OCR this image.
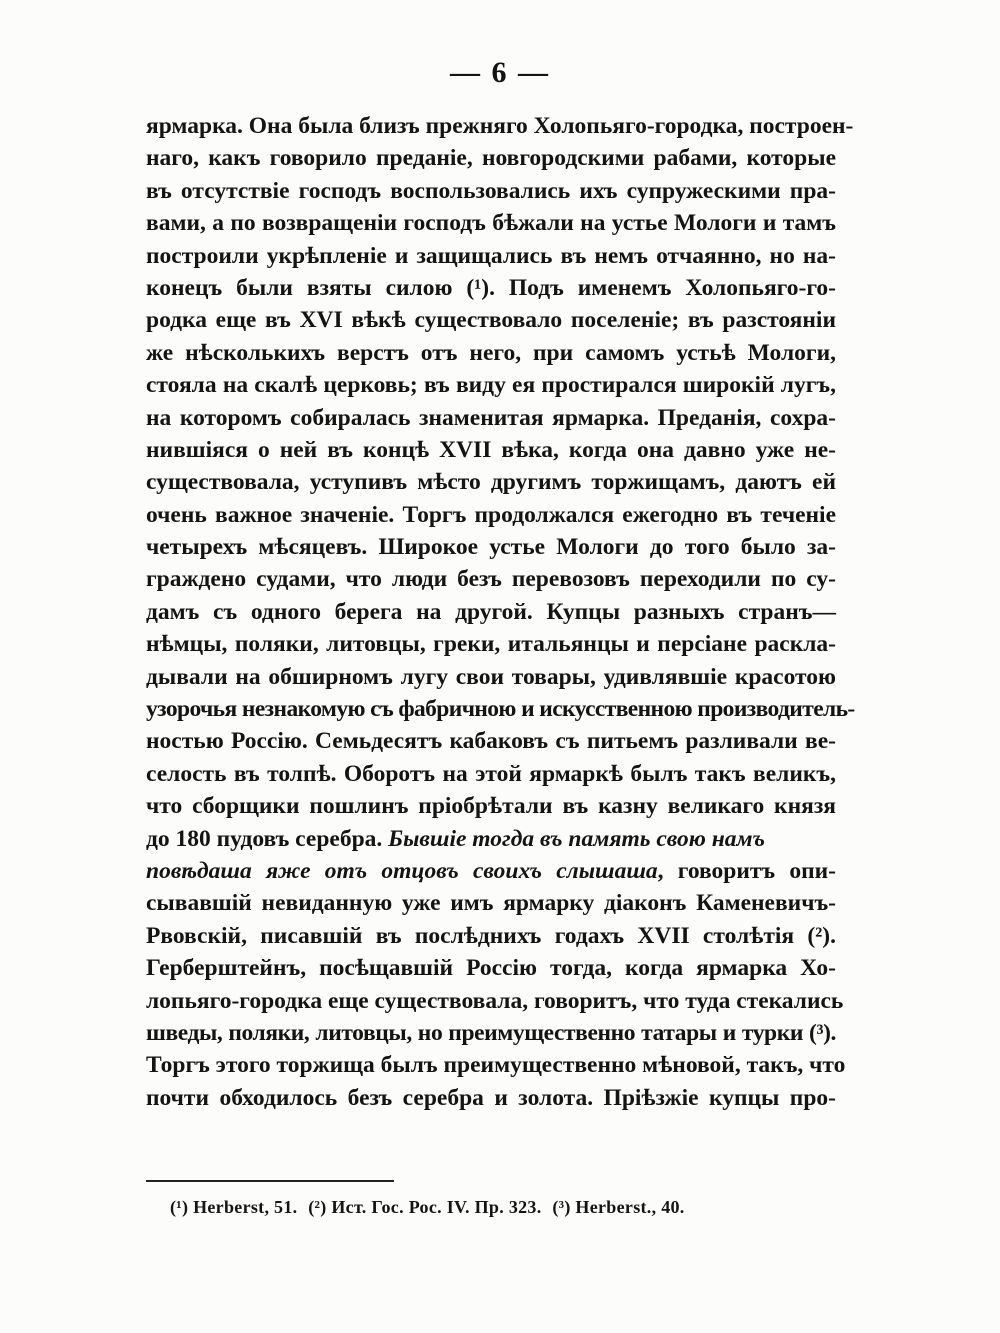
— 6 —
ярмарка. Она была близъ прежняго Холопьяго-городка, построен-
наго, какъ говорило преданіе, новгородскими рабами, которые
въ отсутствіе господъ воспользовались ихъ супружескими пра-
вами, а по возвращеніи господъ бѣжали на устье Мологи и тамъ
построили укрѣпленіе и защищались въ немъ отчаянно, но на-
конецъ были взяты силою (¹). Подъ именемъ Холопьяго-го-
родка еще въ XVI вѣкѣ существовало поселеніе; въ разстояніи
же нѣсколькихъ верстъ отъ него, при самомъ устьѣ Мологи,
стояла на скалѣ церковь; въ виду ея простирался широкій лугъ,
на которомъ собиралась знаменитая ярмарка. Преданія, сохра-
нившіяся о ней въ концѣ XVII вѣка, когда она давно уже не-
существовала, уступивъ мѣсто другимъ торжищамъ, даютъ ей
очень важное значеніе. Торгъ продолжался ежегодно въ теченіе
четырехъ мѣсяцевъ. Широкое устье Мологи до того было за-
граждено судами, что люди безъ перевозовъ переходили по су-
дамъ съ одного берега на другой. Купцы разныхъ странъ—
нѣмцы, поляки, литовцы, греки, итальянцы и персіане раскла-
дывали на обширномъ лугу свои товары, удивлявшіе красотою
узорочья незнакомую съ фабричною и искусственною производитель-
ностью Россію. Семьдесятъ кабаковъ съ питьемъ разливали ве-
селость въ толпѣ. Оборотъ на этой ярмаркѣ былъ такъ великъ,
что сборщики пошлинъ пріобрѣтали въ казну великаго князя
до 180 пудовъ серебра. Бывшіе тогда въ память свою намъ
повѣдаша яже отъ отцовъ своихъ слышаша, говоритъ опи-
сывавшій невиданную уже имъ ярмарку діаконъ Каменевичъ-
Рвовскій, писавшій въ послѣднихъ годахъ XVII столѣтія (²).
Герберштейнъ, посѣщавшій Россію тогда, когда ярмарка Хо-
лопьяго-городка еще существовала, говоритъ, что туда стекались
шведы, поляки, литовцы, но преимущественно татары и турки (³).
Торгъ этого торжища былъ преимущественно мѣновой, такъ, что
почти обходилось безъ серебра и золота. Пріѣзжіе купцы про-
(¹) Herberst, 51. (²) Ист. Гос. Рос. IV. Пр. 323. (³) Herberst., 40.
